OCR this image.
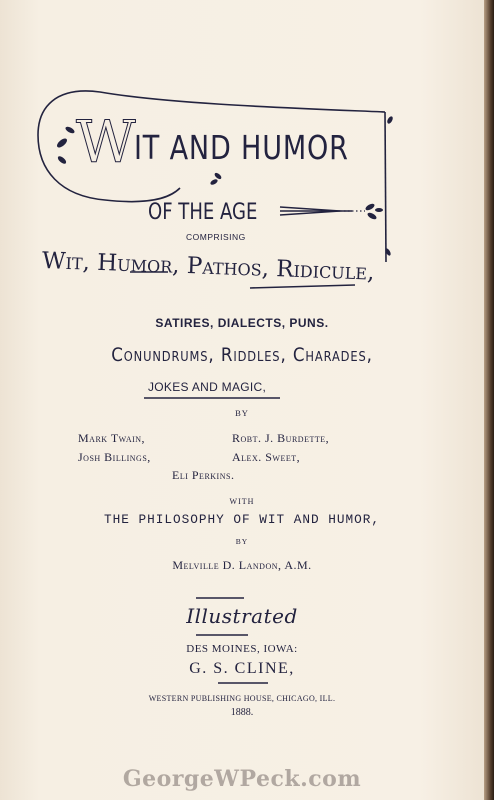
W
IT AND HUMOR
OF THE AGE
COMPRISING
Wit, Humor, Pathos, Ridicule,
SATIRES, DIALECTS, PUNS.
Conundrums, Riddles, Charades,
JOKES AND MAGIC,
BY
Mark Twain,	Robt. J. Burdette,
Josh Billings,	Alex. Sweet,
Eli Perkins.
WITH
THE PHILOSOPHY OF WIT AND HUMOR,
BY
Melville D. Landon, A.M.
Illustrated
DES MOINES, IOWA:
G. S. CLINE,
WESTERN PUBLISHING HOUSE, CHICAGO, ILL.
1888.
GeorgeWPeck.com
